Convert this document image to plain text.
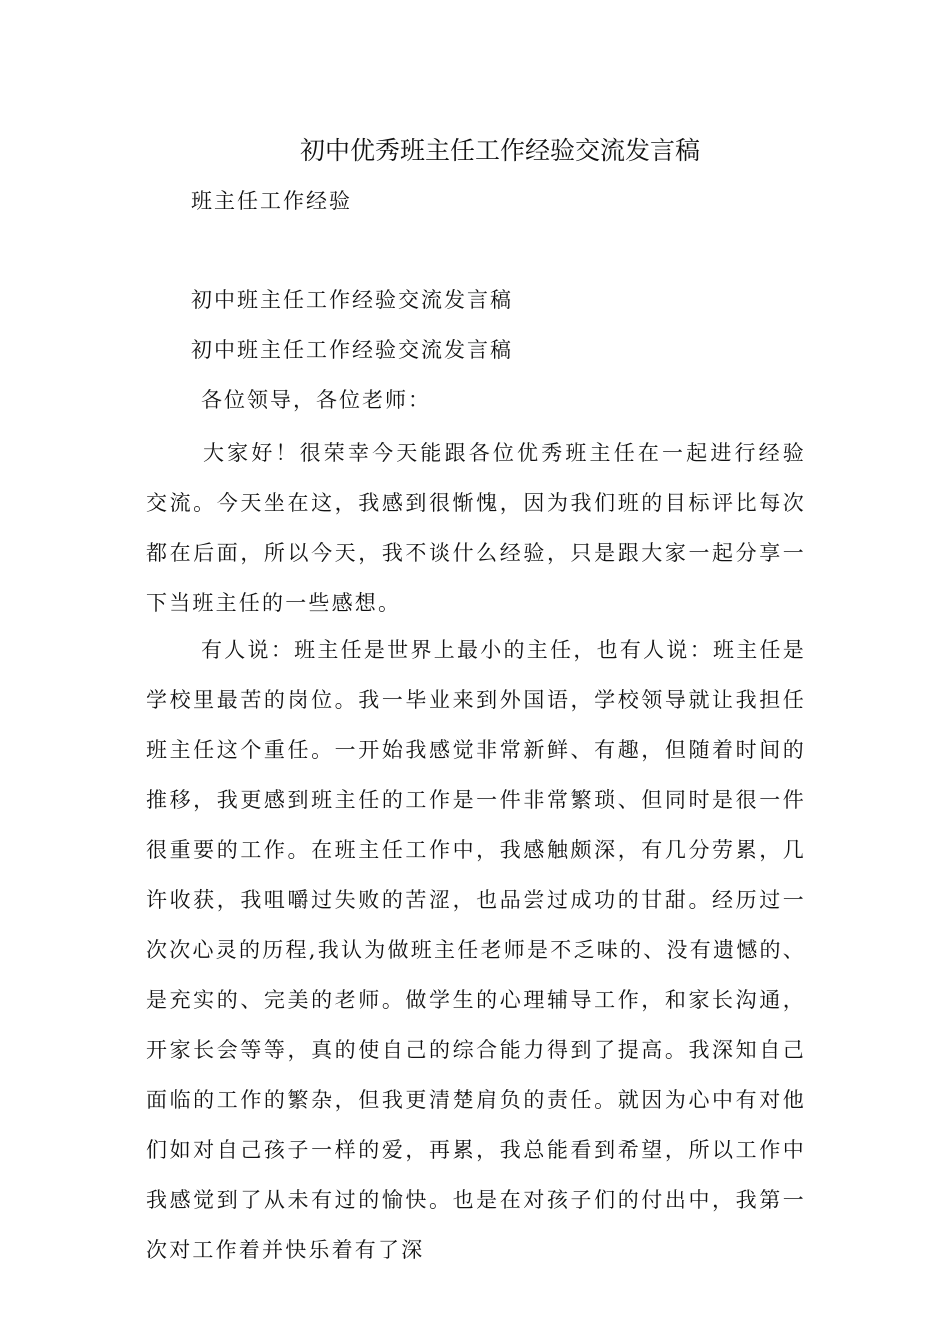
初中优秀班主任工作经验交流发言稿
班主任工作经验
初中班主任工作经验交流发言稿
初中班主任工作经验交流发言稿
各位领导，各位老师：
大家好！很荣幸今天能跟各位优秀班主任在一起进行经验交流。今天坐在这，我感到很惭愧，因为我们班的目标评比每次都在后面，所以今天，我不谈什么经验，只是跟大家一起分享一下当班主任的一些感想。
有人说：班主任是世界上最小的主任，也有人说：班主任是学校里最苦的岗位。我一毕业来到外国语，学校领导就让我担任班主任这个重任。一开始我感觉非常新鲜、有趣，但随着时间的推移，我更感到班主任的工作是一件非常繁琐、但同时是很一件很重要的工作。在班主任工作中，我感触颇深，有几分劳累，几许收获，我咀嚼过失败的苦涩，也品尝过成功的甘甜。经历过一次次心灵的历程,我认为做班主任老师是不乏味的、没有遗憾的、是充实的、完美的老师。做学生的心理辅导工作，和家长沟通，开家长会等等，真的使自己的综合能力得到了提高。我深知自己面临的工作的繁杂，但我更清楚肩负的责任。就因为心中有对他们如对自己孩子一样的爱，再累，我总能看到希望，所以工作中我感觉到了从未有过的愉快。也是在对孩子们的付出中，我第一次对工作着并快乐着有了深
